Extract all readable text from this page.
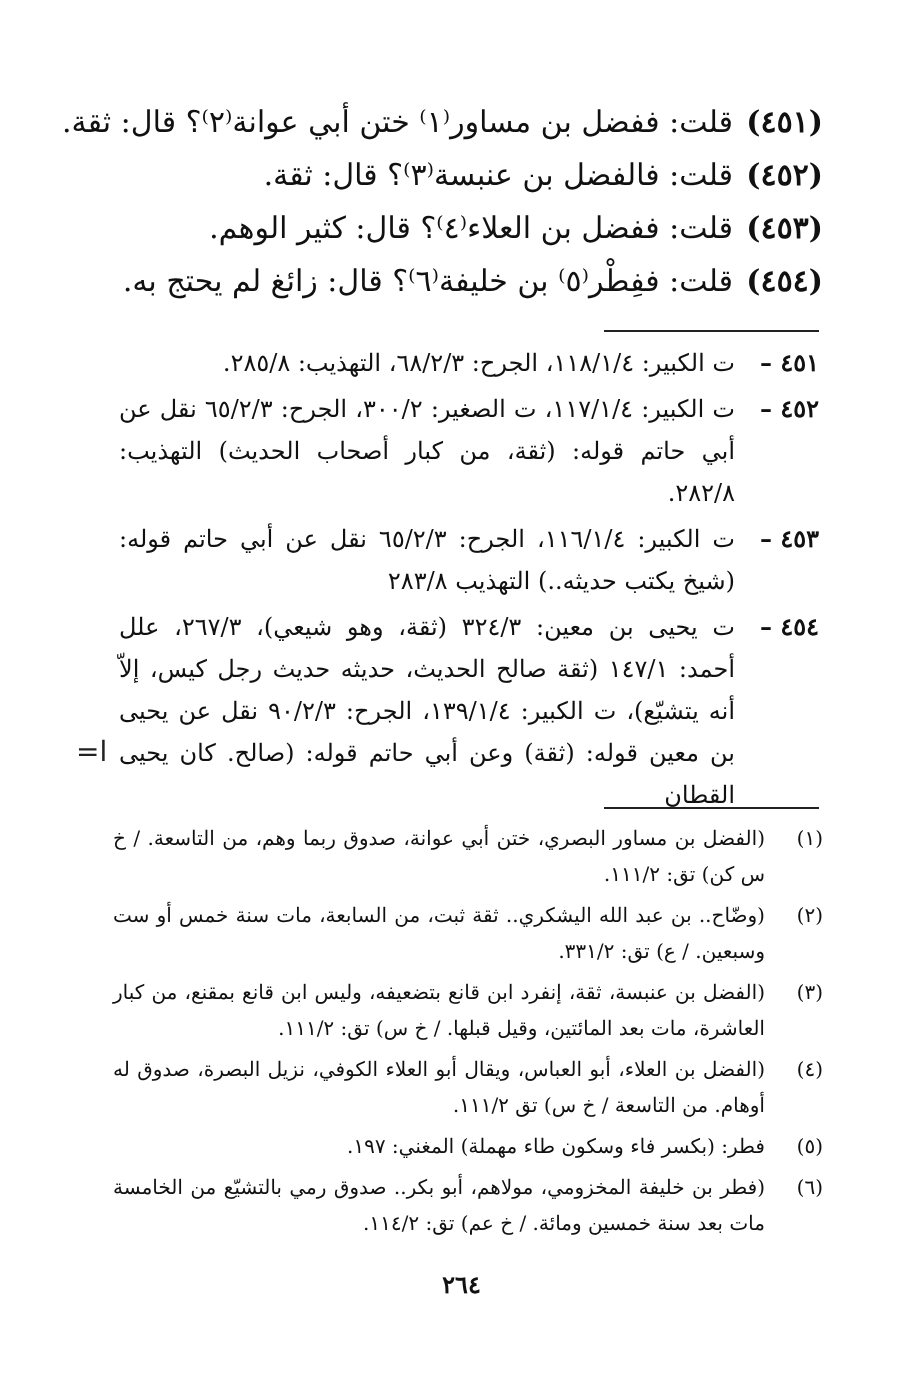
(٤٥١)
قلت: ففضل بن مساور⁽١⁾ ختن أبي عوانة⁽٢⁾؟ قال: ثقة.
(٤٥٢)
قلت: فالفضل بن عنبسة⁽٣⁾؟ قال: ثقة.
(٤٥٣)
قلت: ففضل بن العلاء⁽٤⁾؟ قال: كثير الوهم.
(٤٥٤)
قلت: ففِطْر⁽٥⁾ بن خليفة⁽٦⁾؟ قال: زائغ لم يحتج به.
٤٥١ –
ت الكبير: ١١٨/١/٤، الجرح: ٦٨/٢/٣، التهذيب: ٢٨٥/٨.
٤٥٢ –
ت الكبير: ١١٧/١/٤، ت الصغير: ٣٠٠/٢، الجرح: ٦٥/٢/٣ نقل عن أبي حاتم قوله: (ثقة، من كبار أصحاب الحديث) التهذيب: ٢٨٢/٨.
٤٥٣ –
ت الكبير: ١١٦/١/٤، الجرح: ٦٥/٢/٣ نقل عن أبي حاتم قوله: (شيخ يكتب حديثه..) التهذيب ٢٨٣/٨
٤٥٤ –
ت يحيى بن معين: ٣٢٤/٣ (ثقة، وهو شيعي)، ٢٦٧/٣، علل أحمد: ١٤٧/١ (ثقة صالح الحديث، حديثه حديث رجل كيس، إلاّ أنه يتشيّع)، ت الكبير: ١٣٩/١/٤، الجرح: ٩٠/٢/٣ نقل عن يحيى بن معين قوله: (ثقة) وعن أبي حاتم قوله: (صالح. كان يحيى القطان
=ا
(١)
(الفضل بن مساور البصري، ختن أبي عوانة، صدوق ربما وهم، من التاسعة. / خ س كن) تق: ١١١/٢.
(٢)
(وضّاح.. بن عبد الله اليشكري.. ثقة ثبت، من السابعة، مات سنة خمس أو ست وسبعين. / ع) تق: ٣٣١/٢.
(٣)
(الفضل بن عنبسة، ثقة، إنفرد ابن قانع بتضعيفه، وليس ابن قانع بمقنع، من كبار العاشرة، مات بعد المائتين، وقيل قبلها. / خ س) تق: ١١١/٢.
(٤)
(الفضل بن العلاء، أبو العباس، ويقال أبو العلاء الكوفي، نزيل البصرة، صدوق له أوهام. من التاسعة / خ س) تق ١١١/٢.
(٥)
فطر: (بكسر فاء وسكون طاء مهملة) المغني: ١٩٧.
(٦)
(فطر بن خليفة المخزومي، مولاهم، أبو بكر.. صدوق رمي بالتشيّع من الخامسة مات بعد سنة خمسين ومائة. / خ عم) تق: ١١٤/٢.
٢٦٤
